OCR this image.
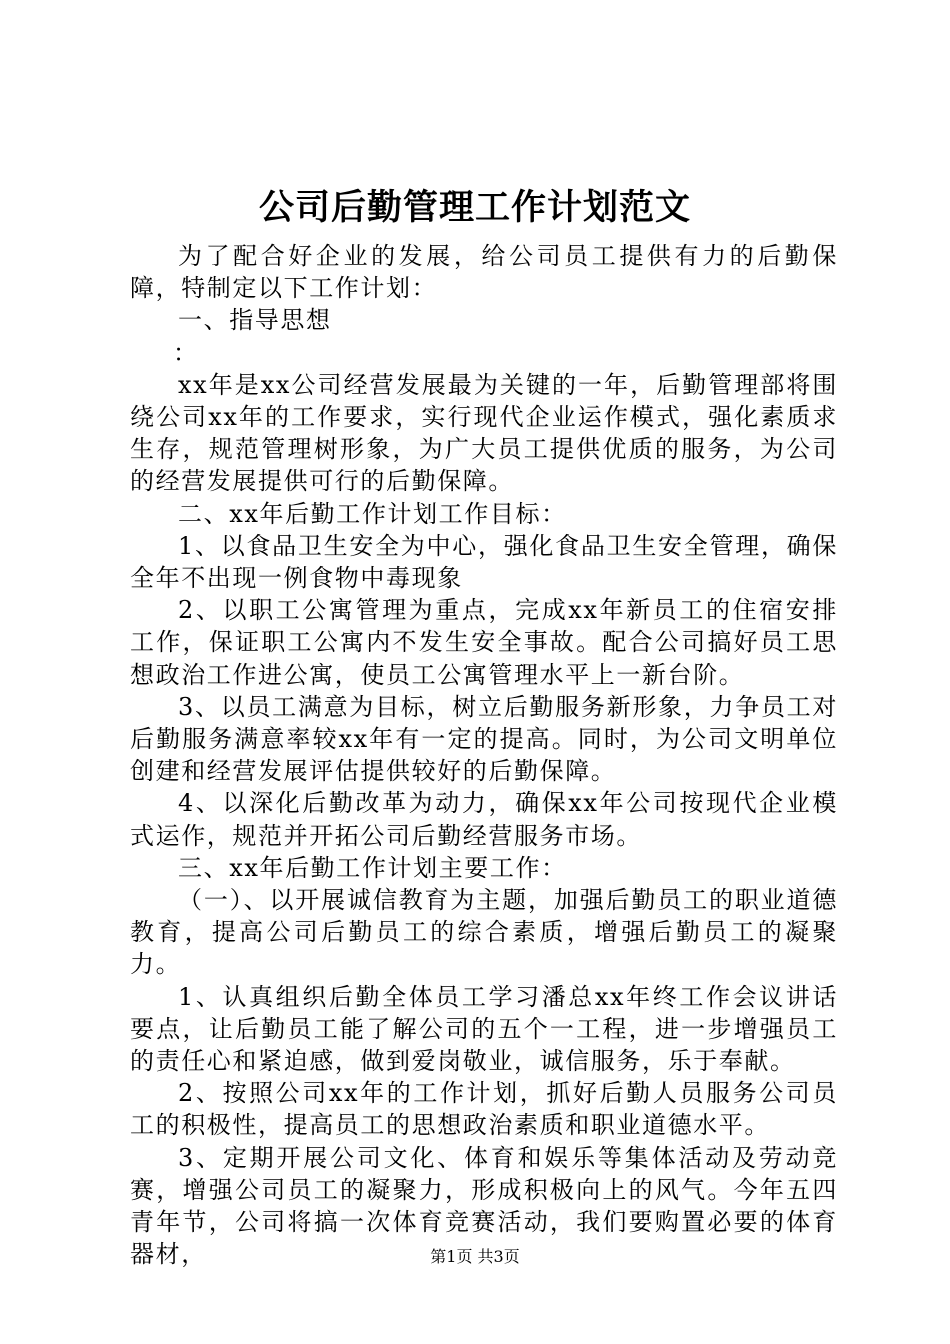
公司后勤管理工作计划范文

为了配合好企业的发展，给公司员工提供有力的后勤保障，特制定以下工作计划：

一、指导思想

：

xx年是xx公司经营发展最为关键的一年，后勤管理部将围绕公司xx年的工作要求，实行现代企业运作模式，强化素质求生存，规范管理树形象，为广大员工提供优质的服务，为公司的经营发展提供可行的后勤保障。

二、xx年后勤工作计划工作目标：

1、以食品卫生安全为中心，强化食品卫生安全管理，确保全年不出现一例食物中毒现象

2、以职工公寓管理为重点，完成xx年新员工的住宿安排工作，保证职工公寓内不发生安全事故。配合公司搞好员工思想政治工作进公寓，使员工公寓管理水平上一新台阶。

3、以员工满意为目标，树立后勤服务新形象，力争员工对后勤服务满意率较xx年有一定的提高。同时，为公司文明单位创建和经营发展评估提供较好的后勤保障。

4、以深化后勤改革为动力，确保xx年公司按现代企业模式运作，规范并开拓公司后勤经营服务市场。

三、xx年后勤工作计划主要工作：

（一）、以开展诚信教育为主题，加强后勤员工的职业道德教育，提高公司后勤员工的综合素质，增强后勤员工的凝聚力。

1、认真组织后勤全体员工学习潘总xx年终工作会议讲话要点，让后勤员工能了解公司的五个一工程，进一步增强员工的责任心和紧迫感，做到爱岗敬业，诚信服务，乐于奉献。

2、按照公司xx年的工作计划，抓好后勤人员服务公司员工的积极性，提高员工的思想政治素质和职业道德水平。

3、定期开展公司文化、体育和娱乐等集体活动及劳动竞赛，增强公司员工的凝聚力，形成积极向上的风气。今年五四青年节，公司将搞一次体育竞赛活动，我们要购置必要的体育器材，	第1页 共3页
